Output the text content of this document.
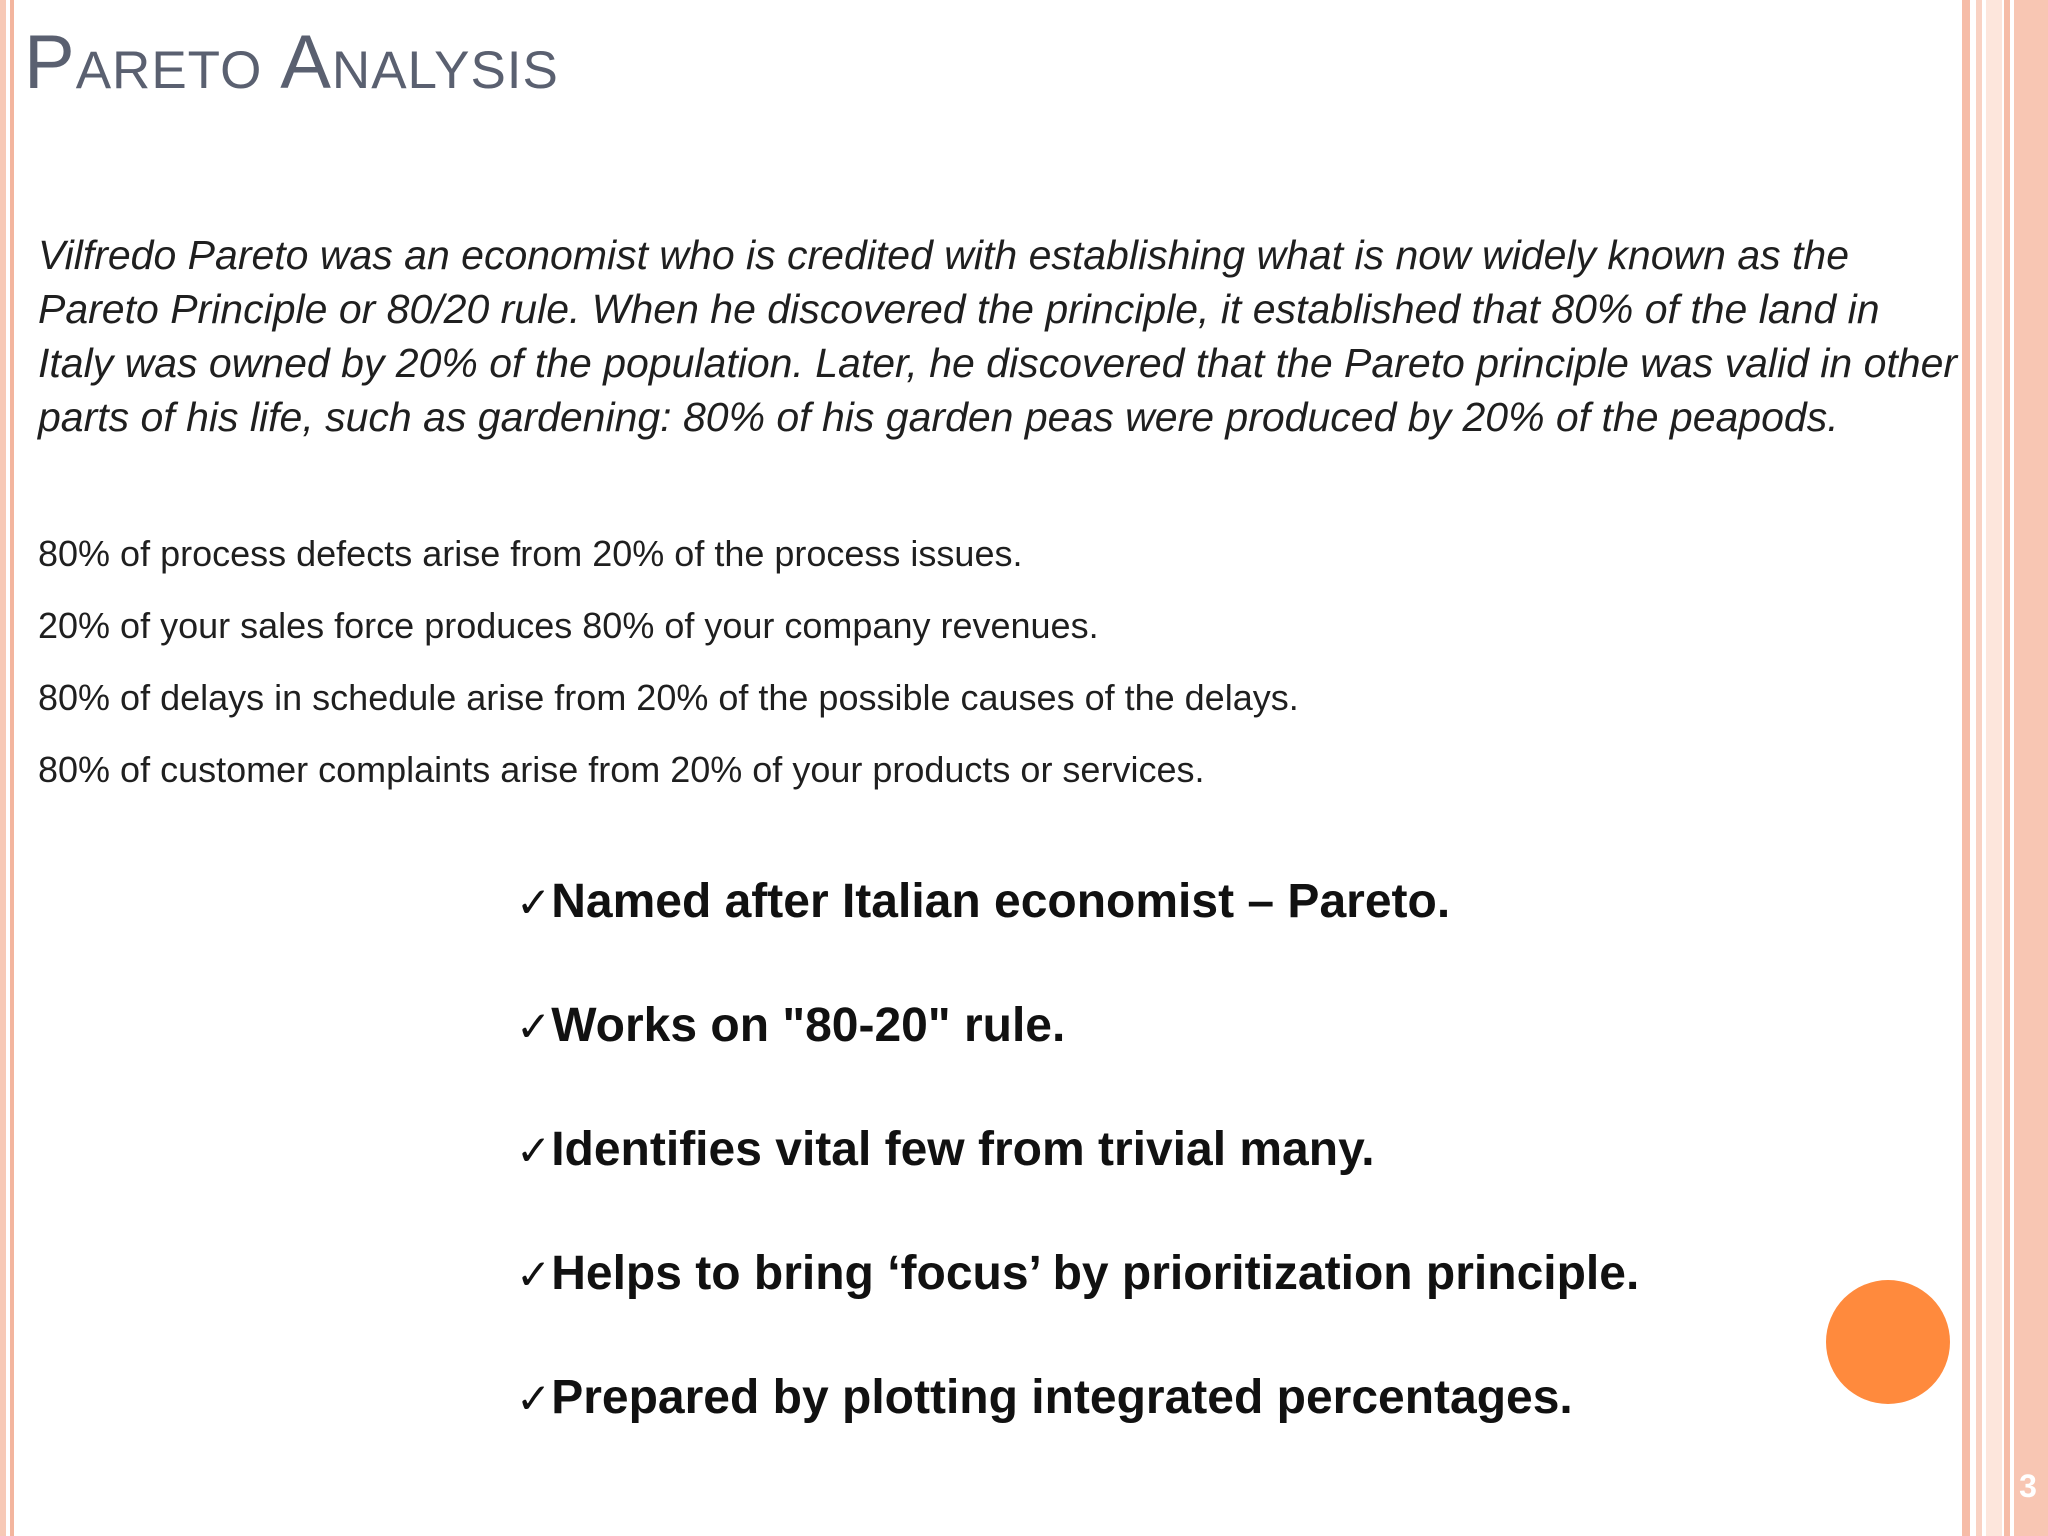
Pareto Analysis

Vilfredo Pareto was an economist who is credited with establishing what is now widely known as the Pareto Principle or 80/20 rule. When he discovered the principle, it established that 80% of the land in Italy was owned by 20% of the population. Later, he discovered that the Pareto principle was valid in other parts of his life, such as gardening: 80% of his garden peas were produced by 20% of the peapods.

80% of process defects arise from 20% of the process issues.
20% of your sales force produces 80% of your company revenues.
80% of delays in schedule arise from 20% of the possible causes of the delays.
80% of customer complaints arise from 20% of your products or services.
✓Named after Italian economist – Pareto.
✓Works on "80-20" rule.
✓Identifies vital few from trivial many.
✓Helps to bring ‘focus’ by prioritization principle.
✓Prepared by plotting integrated percentages.
3
